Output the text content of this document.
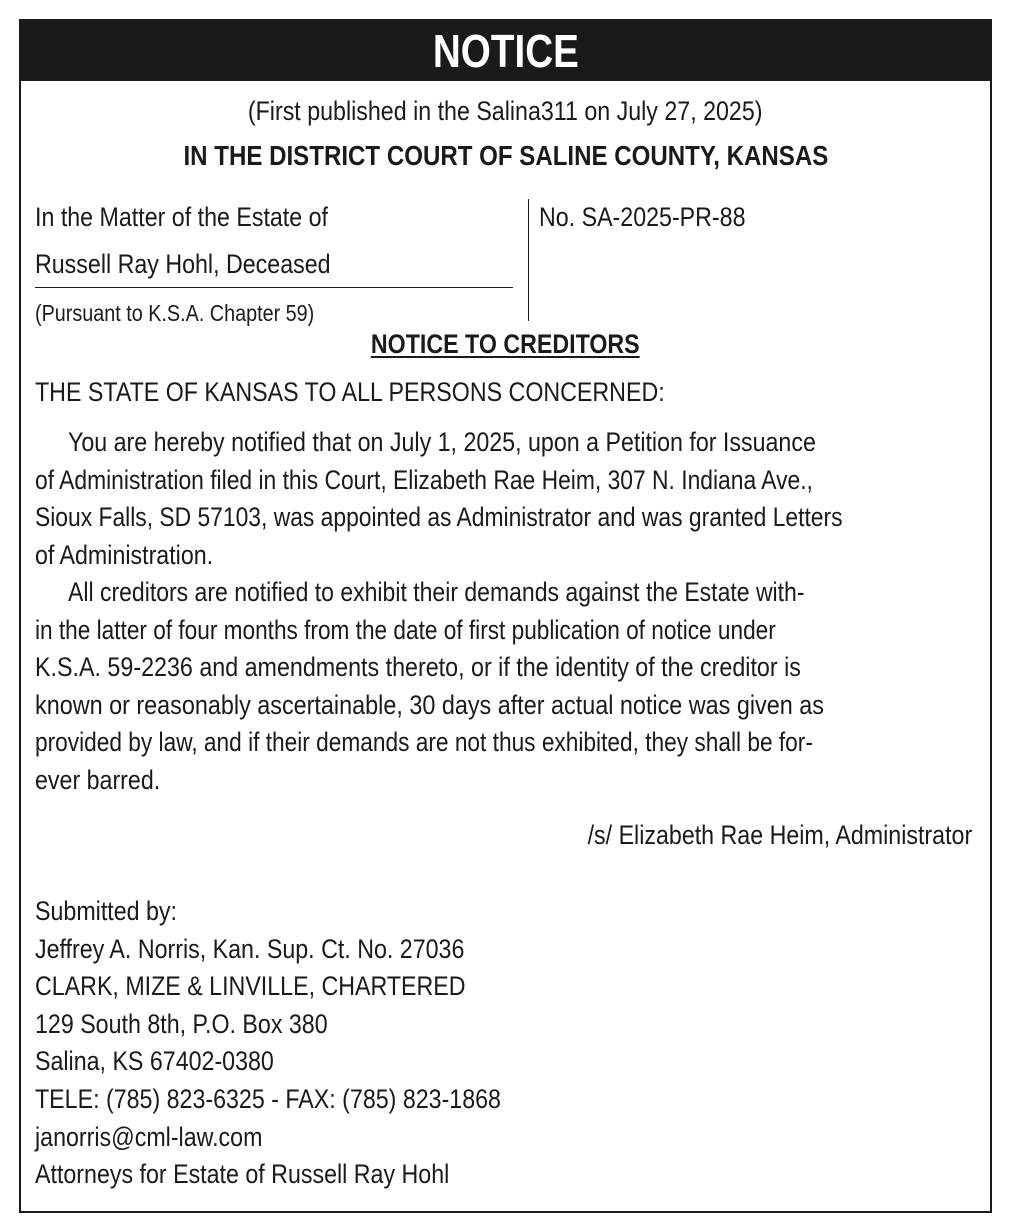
NOTICE
(First published in the Salina311 on July 27, 2025)
IN THE DISTRICT COURT OF SALINE COUNTY, KANSAS
In the Matter of the Estate of
Russell Ray Hohl, Deceased
(Pursuant to K.S.A. Chapter 59)
No. SA-2025-PR-88
NOTICE TO CREDITORS
THE STATE OF KANSAS TO ALL PERSONS CONCERNED:
You are hereby notified that on July 1, 2025, upon a Petition for Issuance
of Administration filed in this Court, Elizabeth Rae Heim, 307 N. Indiana Ave.,
Sioux Falls, SD 57103, was appointed as Administrator and was granted Letters
of Administration.
All creditors are notified to exhibit their demands against the Estate with-
in the latter of four months from the date of first publication of notice under
K.S.A. 59-2236 and amendments thereto, or if the identity of the creditor is
known or reasonably ascertainable, 30 days after actual notice was given as
provided by law, and if their demands are not thus exhibited, they shall be for-
ever barred.
/s/ Elizabeth Rae Heim, Administrator
Submitted by:
Jeffrey A. Norris, Kan. Sup. Ct. No. 27036
CLARK, MIZE & LINVILLE, CHARTERED
129 South 8th, P.O. Box 380
Salina, KS 67402-0380
TELE: (785) 823-6325 - FAX: (785) 823-1868
janorris@cml-law.com
Attorneys for Estate of Russell Ray Hohl
